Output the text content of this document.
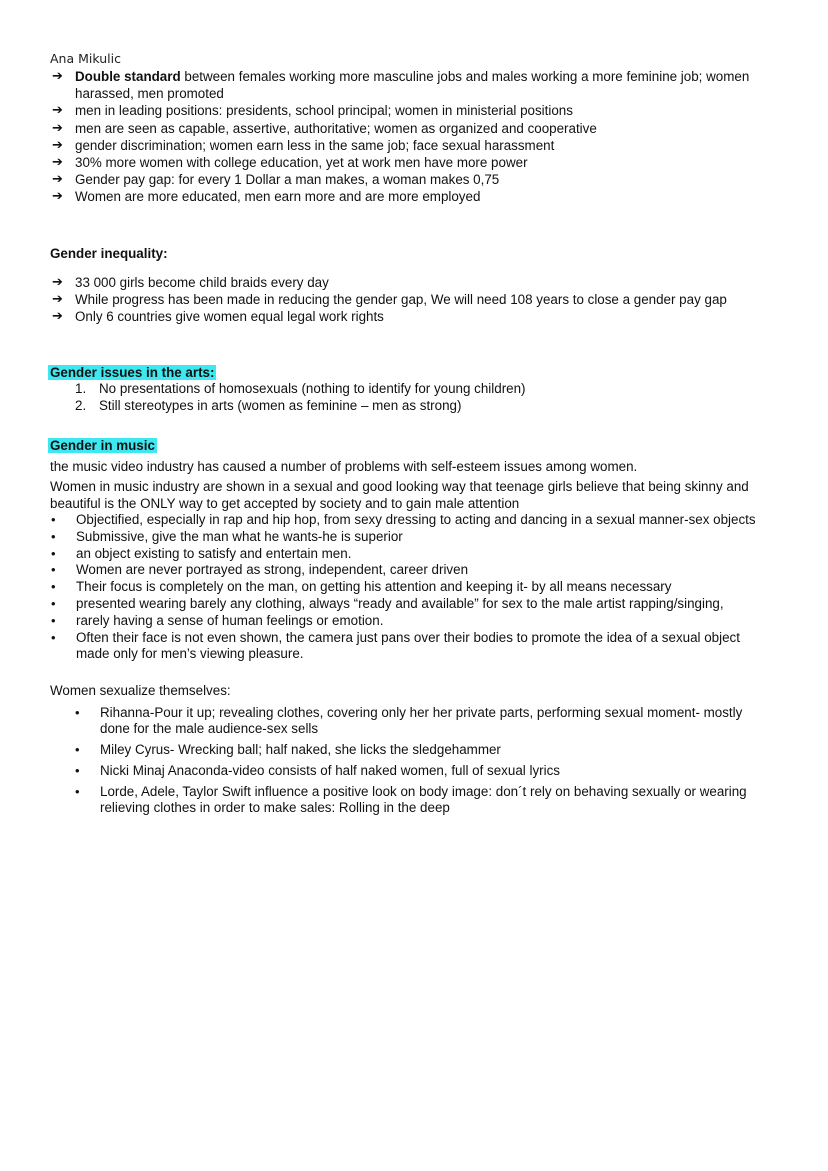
Ana Mikulic
➔ Double standard between females working more masculine jobs and males working a more feminine job; women harassed, men promoted
➔ men in leading positions: presidents, school principal; women in ministerial positions
➔ men are seen as capable, assertive, authoritative; women as organized and cooperative
➔ gender discrimination; women earn less in the same job; face sexual harassment
➔ 30% more women with college education, yet at work men have more power
➔ Gender pay gap: for every 1 Dollar a man makes, a woman makes 0,75
➔ Women are more educated, men earn more and are more employed
Gender inequality:
➔ 33 000 girls become child braids every day
➔ While progress has been made in reducing the gender gap, We will need 108 years to close a gender pay gap
➔ Only 6 countries give women equal legal work rights
Gender issues in the arts:
1. No presentations of homosexuals (nothing to identify for young children)
2. Still stereotypes in arts (women as feminine – men as strong)
Gender in music

the music video industry has caused a number of problems with self-esteem issues among women.

Women in music industry are shown in a sexual and good looking way that teenage girls believe that being skinny and beautiful is the ONLY way to get accepted by society and to gain male attention

• Objectified, especially in rap and hip hop, from sexy dressing to acting and dancing in a sexual manner-sex objects
• Submissive, give the man what he wants-he is superior
• an object existing to satisfy and entertain men.
• Women are never portrayed as strong, independent, career driven
• Their focus is completely on the man, on getting his attention and keeping it- by all means necessary
• presented wearing barely any clothing, always “ready and available” for sex to the male artist rapping/singing,
• rarely having a sense of human feelings or emotion.
• Often their face is not even shown, the camera just pans over their bodies to promote the idea of a sexual object made only for men’s viewing pleasure.

Women sexualize themselves:

• Rihanna-Pour it up; revealing clothes, covering only her her private parts, performing sexual moment- mostly done for the male audience-sex sells
• Miley Cyrus- Wrecking ball; half naked, she licks the sledgehammer
• Nicki Minaj Anaconda-video consists of half naked women, full of sexual lyrics
• Lorde, Adele, Taylor Swift influence a positive look on body image: don´t rely on behaving sexually or wearing relieving clothes in order to make sales: Rolling in the deep
